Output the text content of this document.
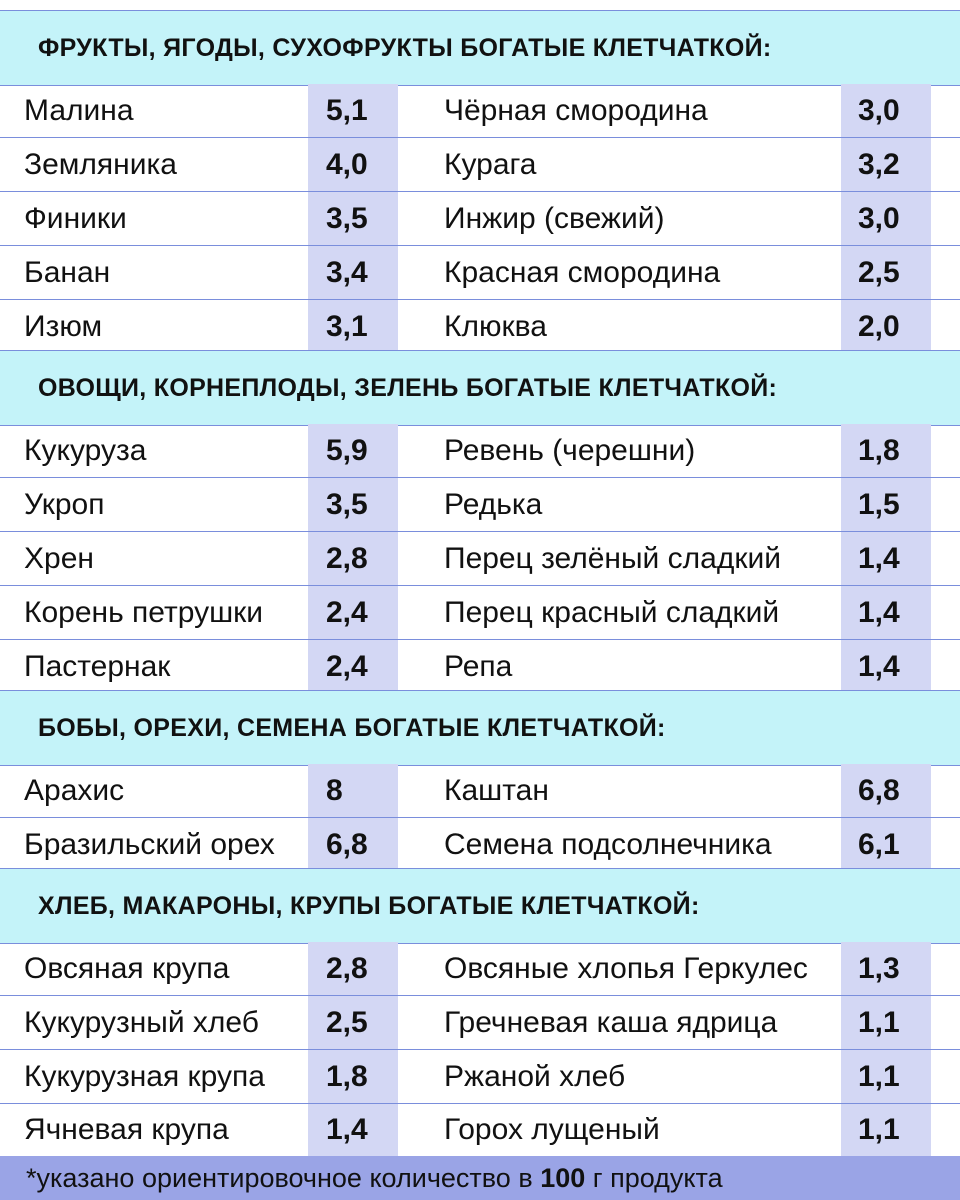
ФРУКТЫ, ЯГОДЫ, СУХОФРУКТЫ БОГАТЫЕ КЛЕТЧАТКОЙ:
Малина	5,1	Чёрная смородина	3,0
Земляника	4,0	Курага	3,2
Финики	3,5	Инжир (свежий)	3,0
Банан	3,4	Красная смородина	2,5
Изюм	3,1	Клюква	2,0
ОВОЩИ, КОРНЕПЛОДЫ, ЗЕЛЕНЬ БОГАТЫЕ КЛЕТЧАТКОЙ:
Кукуруза	5,9	Ревень (черешни)	1,8
Укроп	3,5	Редька	1,5
Хрен	2,8	Перец зелёный сладкий	1,4
Корень петрушки	2,4	Перец красный сладкий	1,4
Пастернак	2,4	Репа	1,4
БОБЫ, ОРЕХИ, СЕМЕНА БОГАТЫЕ КЛЕТЧАТКОЙ:
Арахис	8	Каштан	6,8
Бразильский орех	6,8	Семена подсолнечника	6,1
ХЛЕБ, МАКАРОНЫ, КРУПЫ БОГАТЫЕ КЛЕТЧАТКОЙ:
Овсяная крупа	2,8	Овсяные хлопья Геркулес	1,3
Кукурузный хлеб	2,5	Гречневая каша ядрица	1,1
Кукурузная крупа	1,8	Ржаной хлеб	1,1
Ячневая крупа	1,4	Горох лущеный	1,1
*указано ориентировочное количество в 100 г продукта
